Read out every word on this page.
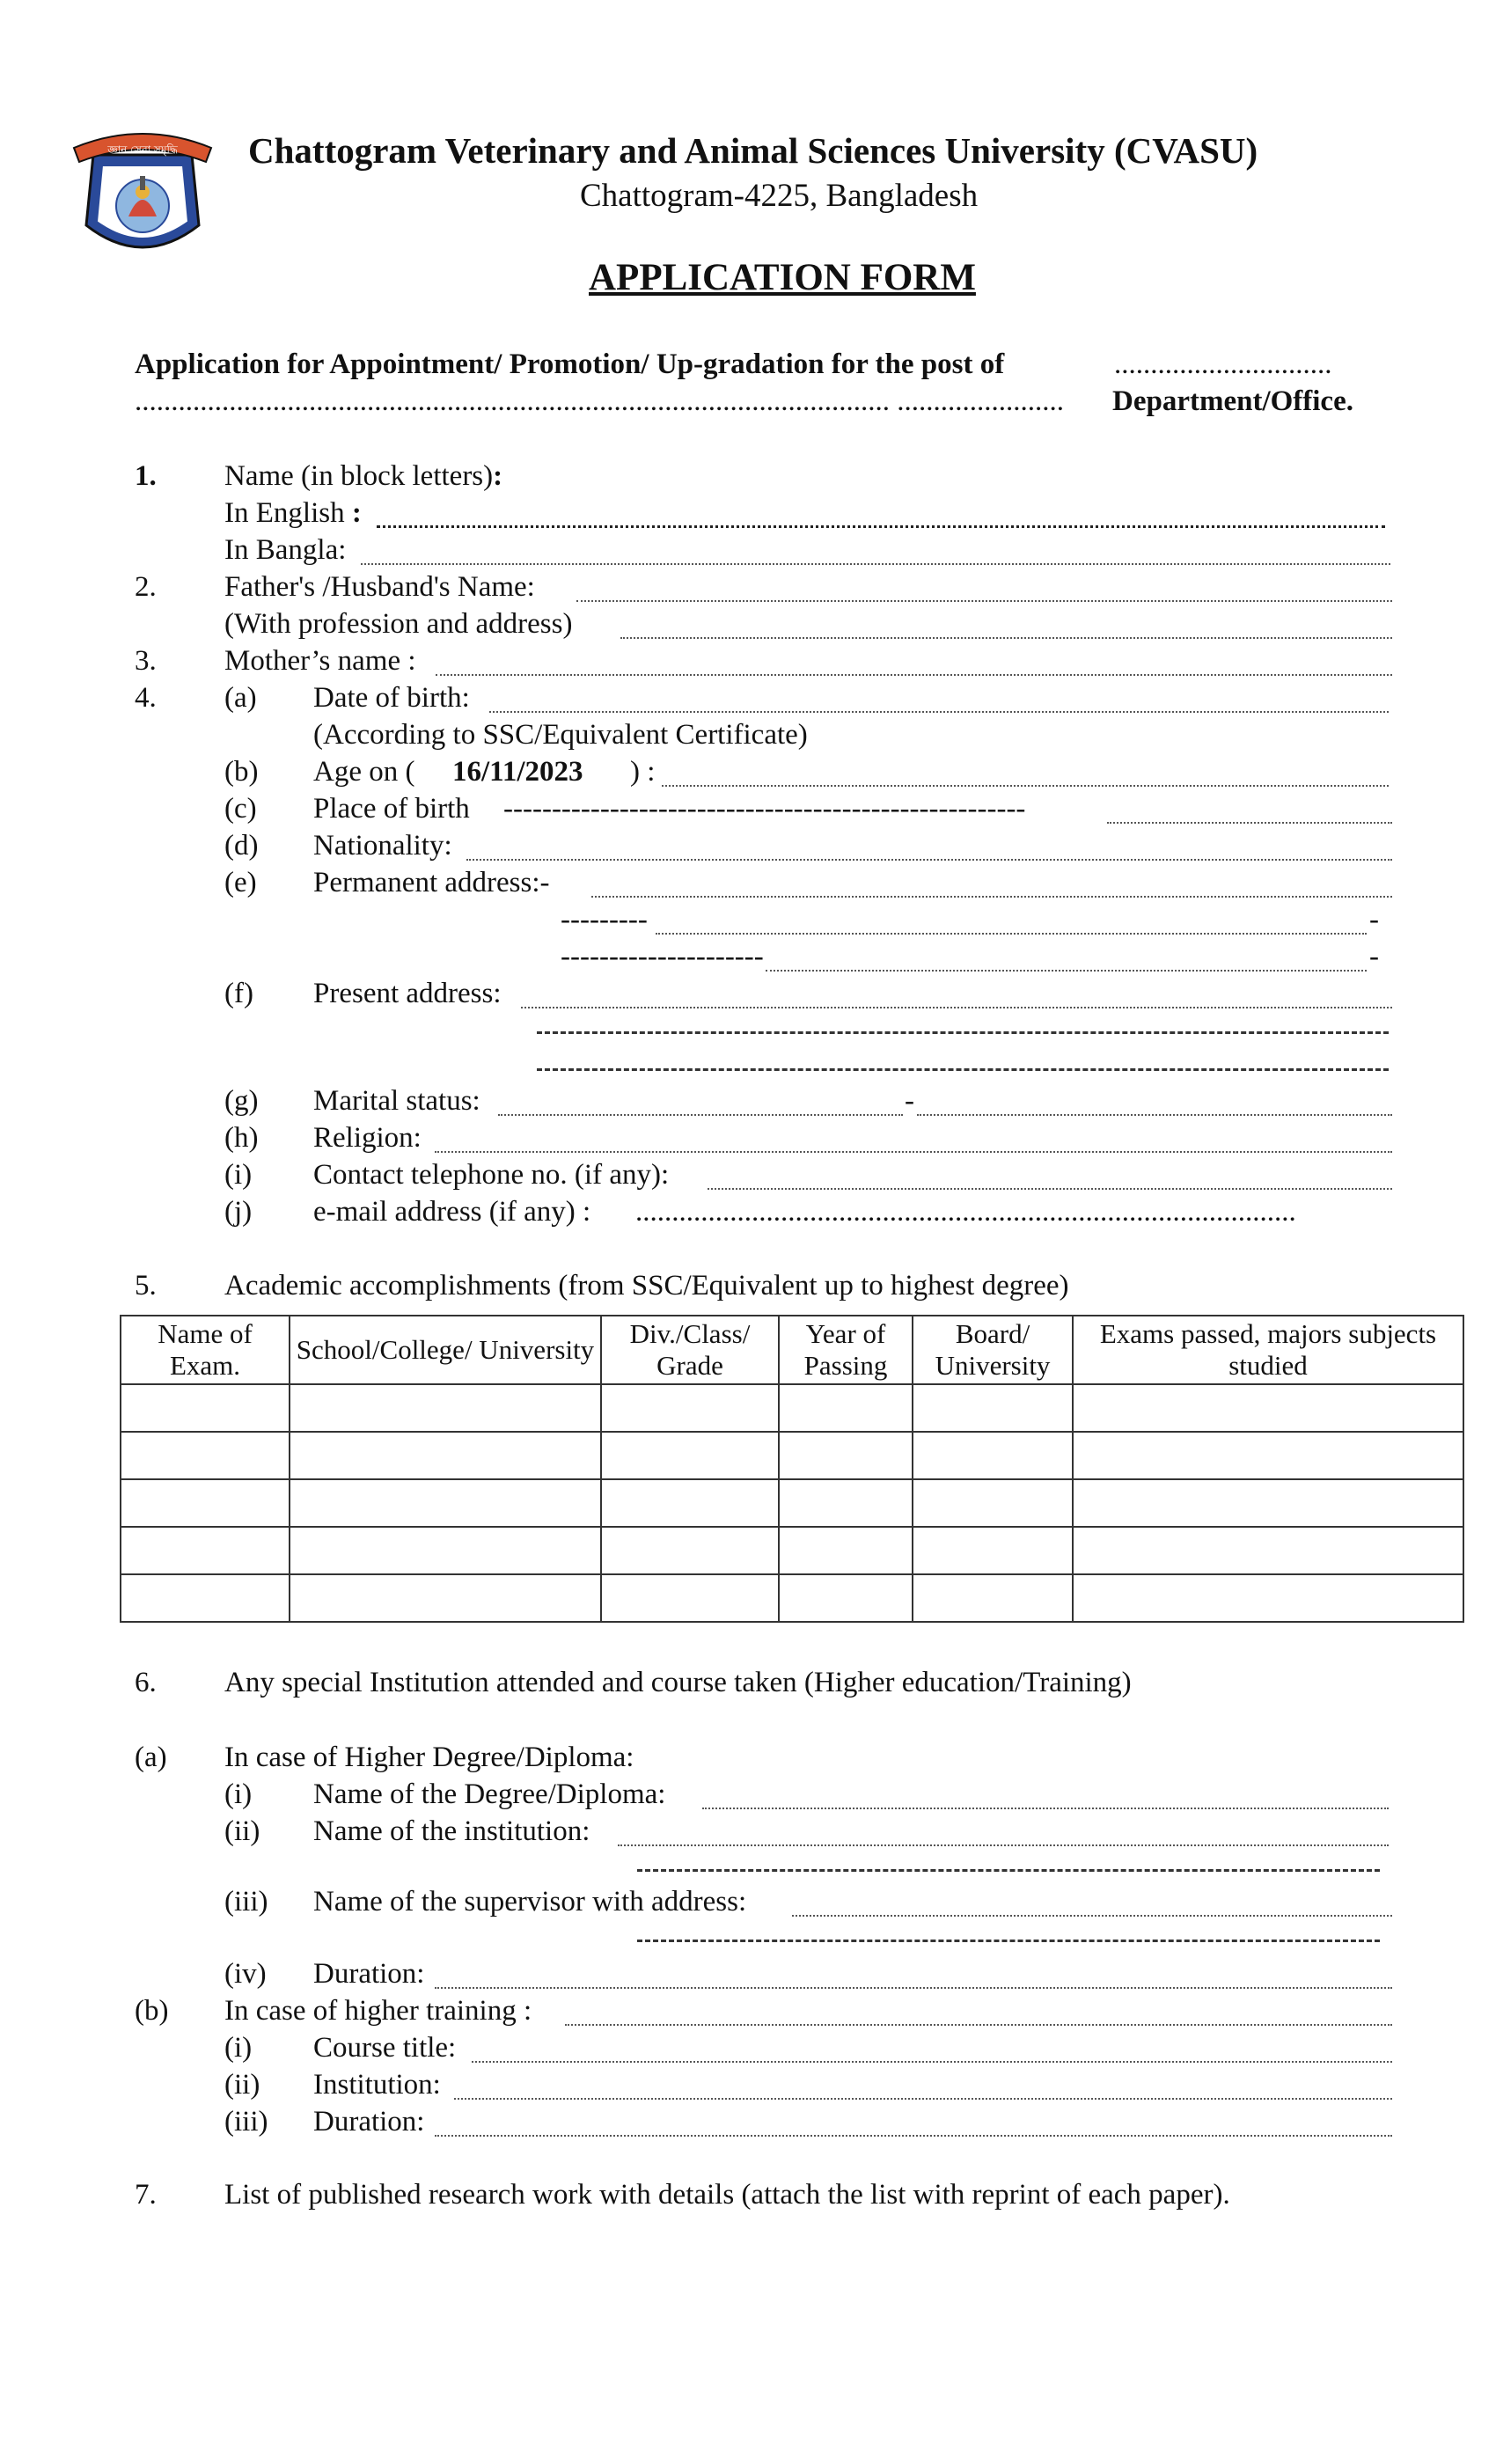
জ্ঞান সেবা সমৃদ্ধি Chattogram Veterinary and Animal Sciences University (CVASU)
Chattogram-4225, Bangladesh
APPLICATION FORM
Application for Appointment/ Promotion/ Up-gradation for the post of	..............................
........................................................................................................ ....................... Department/Office.
1. Name (in block letters):
In English :
In Bangla:
2. Father's /Husband's Name:
(With profession and address)
3. Mother’s name :
4. (a) Date of birth:
(According to SSC/Equivalent Certificate)
(b) Age on ( 16/11/2023 ) :
(c) Place of birth ------------------------------------------------------
(d) Nationality:
(e) Permanent address:-
---------	-
---------------------	-
(f) Present address:
(g) Marital status:	-
(h) Religion:
(i) Contact telephone no. (if any):
(j) e-mail address (if any) : ...........................................................................................
5. Academic accomplishments (from SSC/Equivalent up to highest degree)
Name of Exam.	School/College/ University	Div./Class/ Grade	Year of Passing	Board/ University	Exams passed, majors subjects studied

6. Any special Institution attended and course taken (Higher education/Training)
(a) In case of Higher Degree/Diploma:
(i) Name of the Degree/Diploma:
(ii) Name of the institution:
(iii) Name of the supervisor with address:
(iv) Duration:
(b) In case of higher training :
(i) Course title:
(ii) Institution:
(iii) Duration:
7. List of published research work with details (attach the list with reprint of each paper).
